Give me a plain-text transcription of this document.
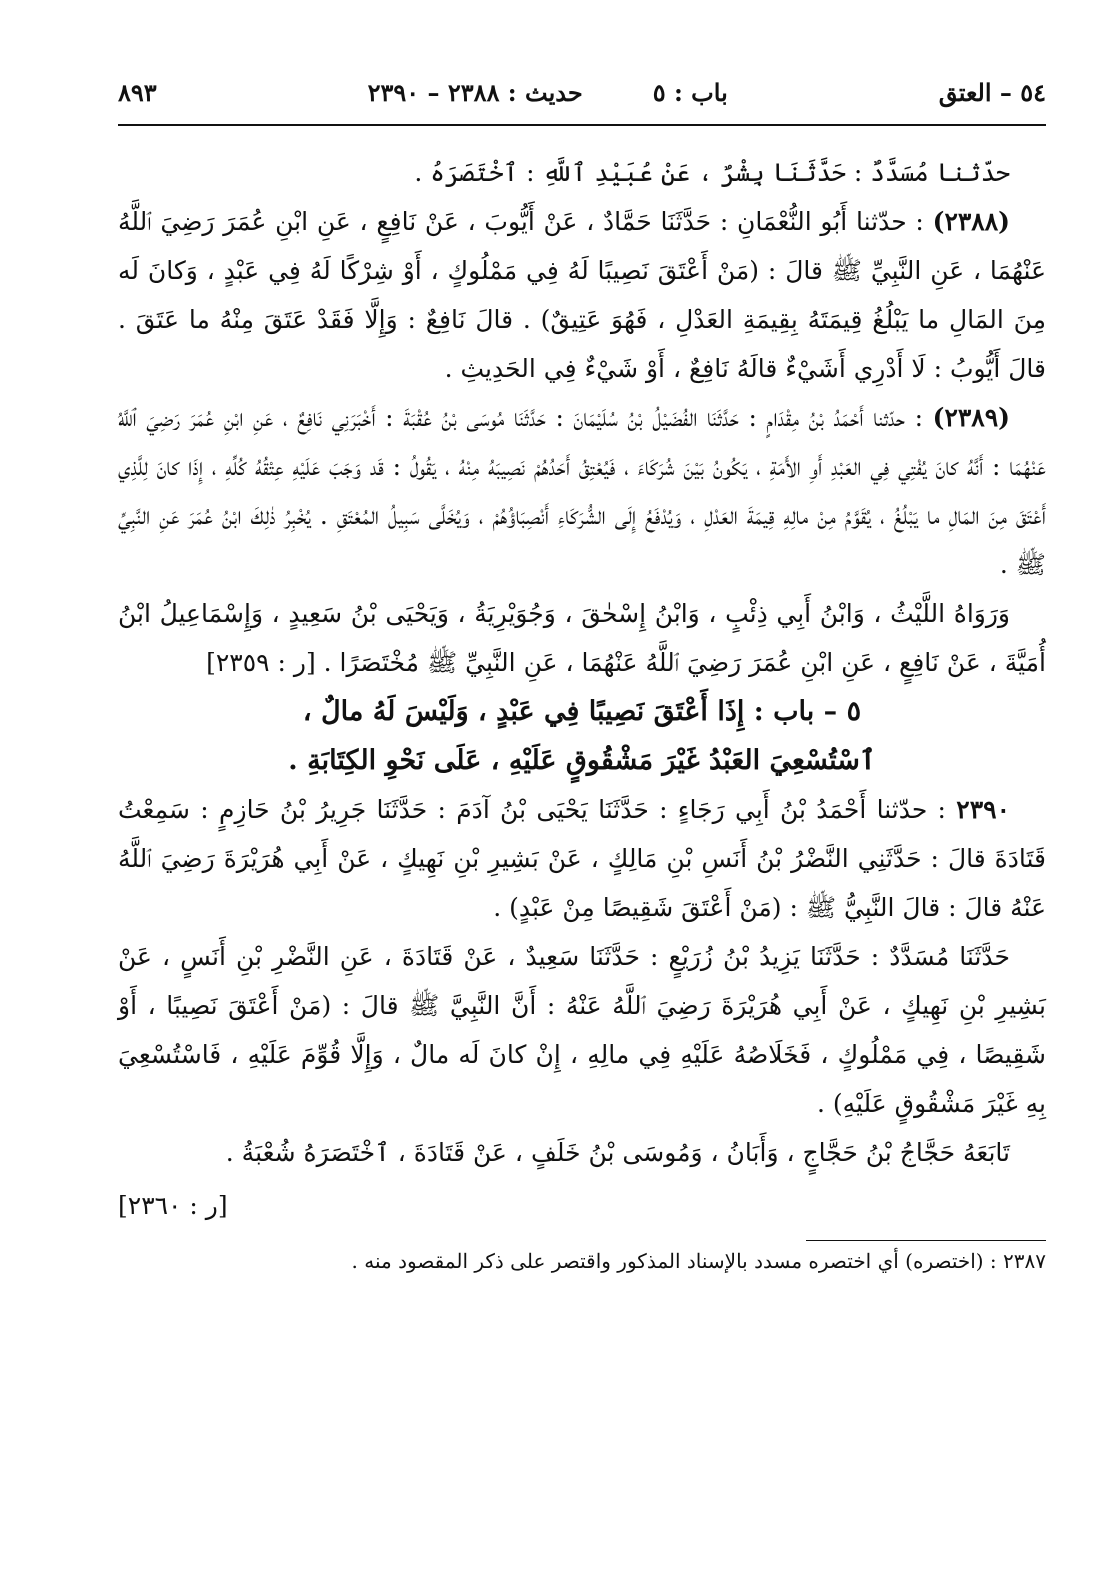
٥٤ – العتق
باب : ٥
حديث : ٢٣٨٨ – ٢٣٩٠
٨٩٣

حدّثنا مُسَدَّدٌ : حَدَّثَنَا بِشْرٌ ، عَنْ عُبَيْدِ ٱللَّهِ : ٱخْتَصَرَهُ .

(٢٣٨٨) : حدّثنا أَبُو النُّعْمَانِ : حَدَّثَنَا حَمَّادٌ ، عَنْ أَيُّوبَ ، عَنْ نَافِعٍ ، عَنِ ابْنِ عُمَرَ رَضِيَ ٱللَّهُ عَنْهُمَا ، عَنِ النَّبِيِّ ﷺ قالَ : (مَنْ أَعْتَقَ نَصِيبًا لَهُ فِي مَمْلُوكٍ ، أَوْ شِرْكًا لَهُ فِي عَبْدٍ ، وَكانَ لَه مِنَ المَالِ ما يَبْلُغُ قِيمَتَهُ بِقِيمَةِ العَدْلِ ، فَهُوَ عَتِيقٌ) . قالَ نَافِعٌ : وَإِلَّا فَقَدْ عَتَقَ مِنْهُ ما عَتَقَ . قالَ أَيُّوبُ : لَا أَدْرِي أَشَيْءٌ قالَهُ نَافِعٌ ، أَوْ شَيْءٌ فِي الحَدِيثِ .

(٢٣٨٩) : حدّثنا أَحْمَدُ بْنُ مِقْدَامٍ : حَدَّثَنَا الفُضَيْلُ بْنُ سُلَيْمَانَ : حَدَّثَنَا مُوسَى بْنُ عُقْبَةَ : أَخْبَرَنِي نَافِعٌ ، عَنِ ابْنِ عُمَرَ رَضِيَ ٱللَّهُ عَنْهُمَا : أَنَّهُ كانَ يُفْتِي فِي العَبْدِ أَوِ الأَمَةِ ، يَكُونُ بَيْنَ شُرَكَاءَ ، فَيُعْتِقُ أَحَدُهُمْ نَصِيبَهُ مِنْهُ ، يَقُولُ : قَد وَجَبَ عَلَيْهِ عِتْقُهُ كُلِّهِ ، إِذَا كانَ لِلَّذِي أَعْتَقَ مِنَ المَالِ ما يَبْلُغُ ، يُقَوَّمُ مِنْ مالِهِ قِيمَةَ العَدْلِ ، وَيُدْفَعُ إِلَى الشُّرَكَاءِ أَنْصِبَاؤُهُمْ ، وَيُخَلَّى سَبِيلُ المُعْتَقِ . يُخْبِرُ ذٰلِكَ ابْنُ عُمَرَ عَنِ النَّبِيِّ ﷺ .

وَرَوَاهُ اللَّيْثُ ، وَابْنُ أَبِي ذِئْبٍ ، وَابْنُ إِسْحٰقَ ، وَجُوَيْرِيَةُ ، وَيَحْيَى بْنُ سَعِيدٍ ، وَإِسْمَاعِيلُ ابْنُ أُمَيَّةَ ، عَنْ نَافِعٍ ، عَنِ ابْنِ عُمَرَ رَضِيَ ٱللَّهُ عَنْهُمَا ، عَنِ النَّبِيِّ ﷺ مُخْتَصَرًا . [ر : ٢٣٥٩]

٥ – باب : إِذَا أَعْتَقَ نَصِيبًا فِي عَبْدٍ ، وَلَيْسَ لَهُ مالٌ ،
ٱسْتُسْعِيَ العَبْدُ غَيْرَ مَشْقُوقٍ عَلَيْهِ ، عَلَى نَحْوِ الكِتَابَةِ .

٢٣٩٠ : حدّثنا أَحْمَدُ بْنُ أَبِي رَجَاءٍ : حَدَّثَنَا يَحْيَى بْنُ آدَمَ : حَدَّثَنَا جَرِيرُ بْنُ حَازِمٍ : سَمِعْتُ قَتَادَةَ قالَ : حَدَّثَنِي النَّضْرُ بْنُ أَنَسِ بْنِ مَالِكٍ ، عَنْ بَشِيرِ بْنِ نَهِيكٍ ، عَنْ أَبِي هُرَيْرَةَ رَضِيَ ٱللَّهُ عَنْهُ قالَ : قالَ النَّبِيُّ ﷺ : (مَنْ أَعْتَقَ شَقِيصًا مِنْ عَبْدٍ) .

حَدَّثَنَا مُسَدَّدٌ : حَدَّثَنَا يَزِيدُ بْنُ زُرَيْعٍ : حَدَّثَنَا سَعِيدٌ ، عَنْ قَتَادَةَ ، عَنِ النَّضْرِ بْنِ أَنَسٍ ، عَنْ بَشِيرِ بْنِ نَهِيكٍ ، عَنْ أَبِي هُرَيْرَةَ رَضِيَ ٱللَّهُ عَنْهُ : أَنَّ النَّبِيَّ ﷺ قالَ : (مَنْ أَعْتَقَ نَصِيبًا ، أَوْ شَقِيصًا ، فِي مَمْلُوكٍ ، فَخَلَاصُهُ عَلَيْهِ فِي مالِهِ ، إِنْ كانَ لَه مالٌ ، وَإِلَّا قُوِّمَ عَلَيْهِ ، فَاسْتُسْعِيَ بِهِ غَيْرَ مَشْقُوقٍ عَلَيْهِ) .

تَابَعَهُ حَجَّاجُ بْنُ حَجَّاجٍ ، وَأَبَانُ ، وَمُوسَى بْنُ خَلَفٍ ، عَنْ قَتَادَةَ ، ٱخْتَصَرَهُ شُعْبَةُ .

[ر : ٢٣٦٠]

٢٣٨٧ : (اختصره) أي اختصره مسدد بالإسناد المذكور واقتصر على ذكر المقصود منه .
